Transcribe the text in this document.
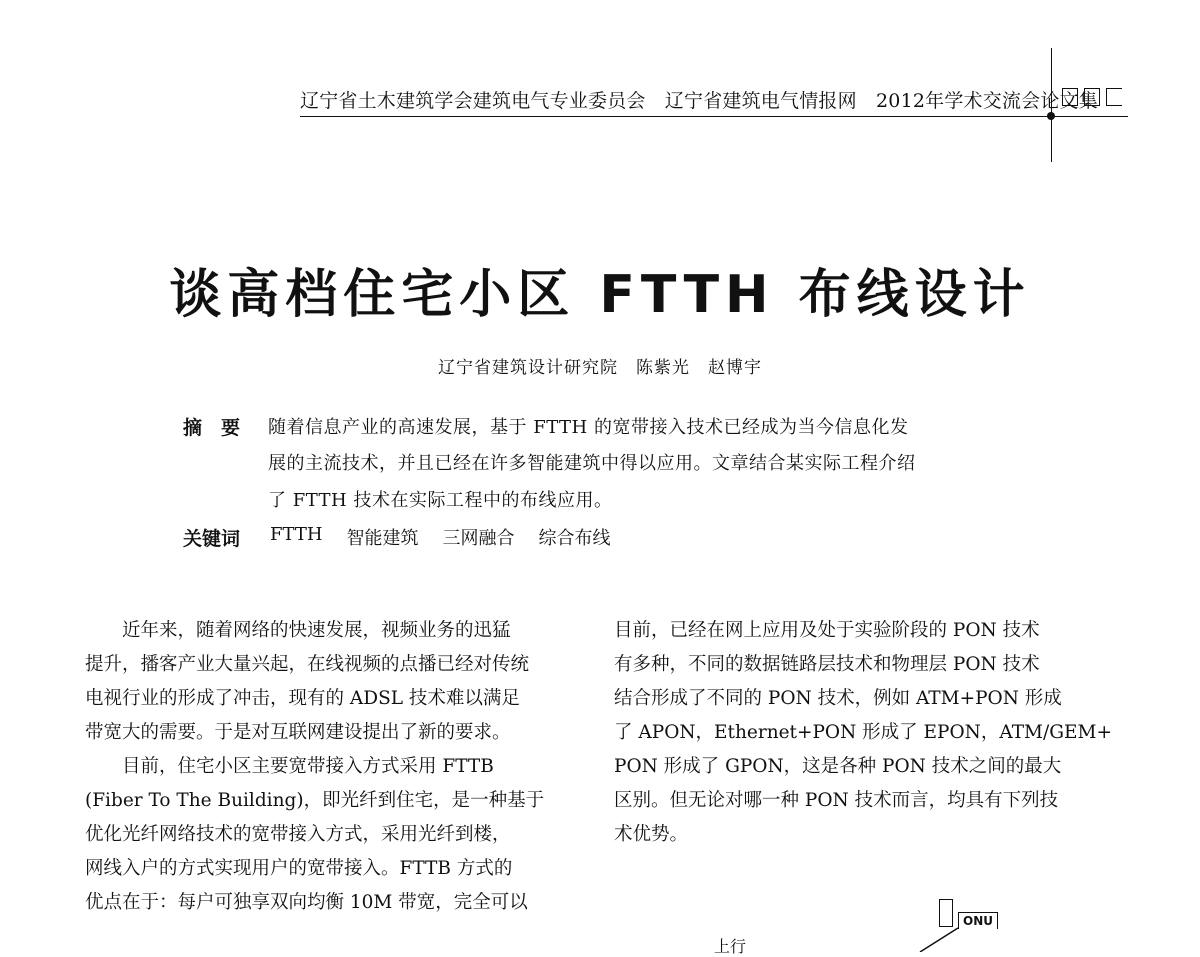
辽宁省土木建筑学会建筑电气专业委员会　辽宁省建筑电气情报网　2012年学术交流会论文集
谈高档住宅小区 FTTH 布线设计
辽宁省建筑设计研究院　陈紫光　赵博宇
摘　要 随着信息产业的高速发展，基于 FTTH 的宽带接入技术已经成为当今信息化发
展的主流技术，并且已经在许多智能建筑中得以应用。文章结合某实际工程介绍
了 FTTH 技术在实际工程中的布线应用。
关键词 FTTH 智能建筑 三网融合 综合布线
　　近年来，随着网络的快速发展，视频业务的迅猛
提升，播客产业大量兴起，在线视频的点播已经对传统
电视行业的形成了冲击，现有的 ADSL 技术难以满足
带宽大的需要。于是对互联网建设提出了新的要求。
　　目前，住宅小区主要宽带接入方式采用 FTTB
(Fiber To The Building)，即光纤到住宅，是一种基于
优化光纤网络技术的宽带接入方式，采用光纤到楼，
网线入户的方式实现用户的宽带接入。FTTB 方式的
优点在于：每户可独享双向均衡 10M 带宽，完全可以
目前，已经在网上应用及处于实验阶段的 PON 技术
有多种，不同的数据链路层技术和物理层 PON 技术
结合形成了不同的 PON 技术，例如 ATM+PON 形成
了 APON，Ethernet+PON 形成了 EPON，ATM/GEM+
PON 形成了 GPON，这是各种 PON 技术之间的最大
区别。但无论对哪一种 PON 技术而言，均具有下列技
术优势。
ONU
上行
